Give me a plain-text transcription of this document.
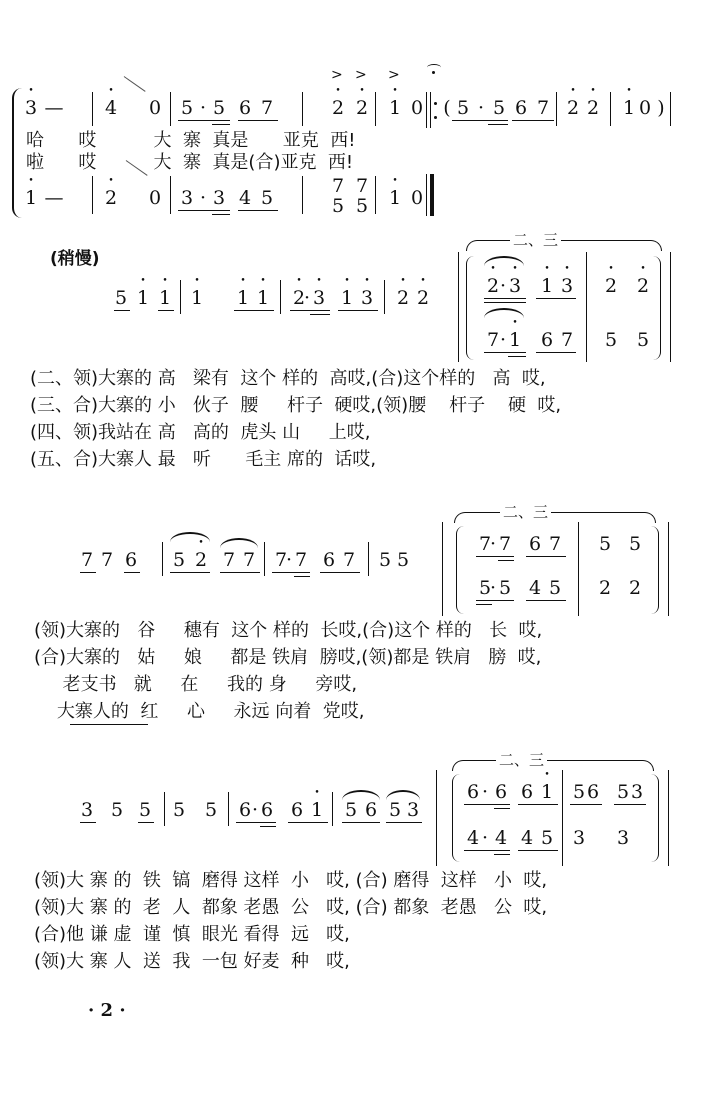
• 3 — • 4 0 5 · 5 6 7
> > >
• 2 • 2 • 1 0 ( 5 · 5 6 7 • 2 • 2 • 1 0 )
哈      哎          大  寨  真是      亚克  西!
啦      哎          大  寨  真是(合)亚克  西!
• 1 — • 2 0 3 · 3 4 5
7 7
5 5 • 1 0
(稍慢)
5 • 1 • 1 • 1 • 1 • 1 • 2
· • 3 • 1 • 3 • 2 • 2
二、三
• 2 · • 3 • 1 • 3 • 2 • 2
7 · • 1 6 7 5 5
(二、领)大寨的 高   梁有  这个 样的  高哎,(合)这个样的   高  哎,
(三、合)大寨的 小   伙子  腰     杆子  硬哎,(领)腰    杆子    硬  哎,
(四、领)我站在 高   高的  虎头 山     上哎,
(五、合)大寨人 最   听      毛主 席的  话哎,
7 7 6 5 2 • 7 7 7
· 7 6 7 5 5
二、三
7
· 7 6 7 5 5
5
· 5 4 5 2 2
(领)大寨的   谷     穗有  这个 样的  长哎,(合)这个 样的   长  哎,
(合)大寨的   姑     娘     都是 铁肩  膀哎,(领)都是 铁肩   膀  哎,
老支书   就     在     我的 身     旁哎,
大寨人的  红     心     永远 向着  党哎,
3 5 5 5 5 6 · 6 6 • 1 5 6 5 3
二、三
6 · 6 6 • 1 5 6 5 3
4 · 4 4 5 3 3
(领)大 寨 的  铁  镐  磨得 这样  小   哎, (合) 磨得  这样   小  哎,
(领)大 寨 的  老  人  都象 老愚  公   哎, (合) 都象  老愚   公  哎,
(合)他 谦 虚  谨  慎  眼光 看得  远   哎,
(领)大 寨 人  送  我  一包 好麦  种   哎,
· 2 ·
